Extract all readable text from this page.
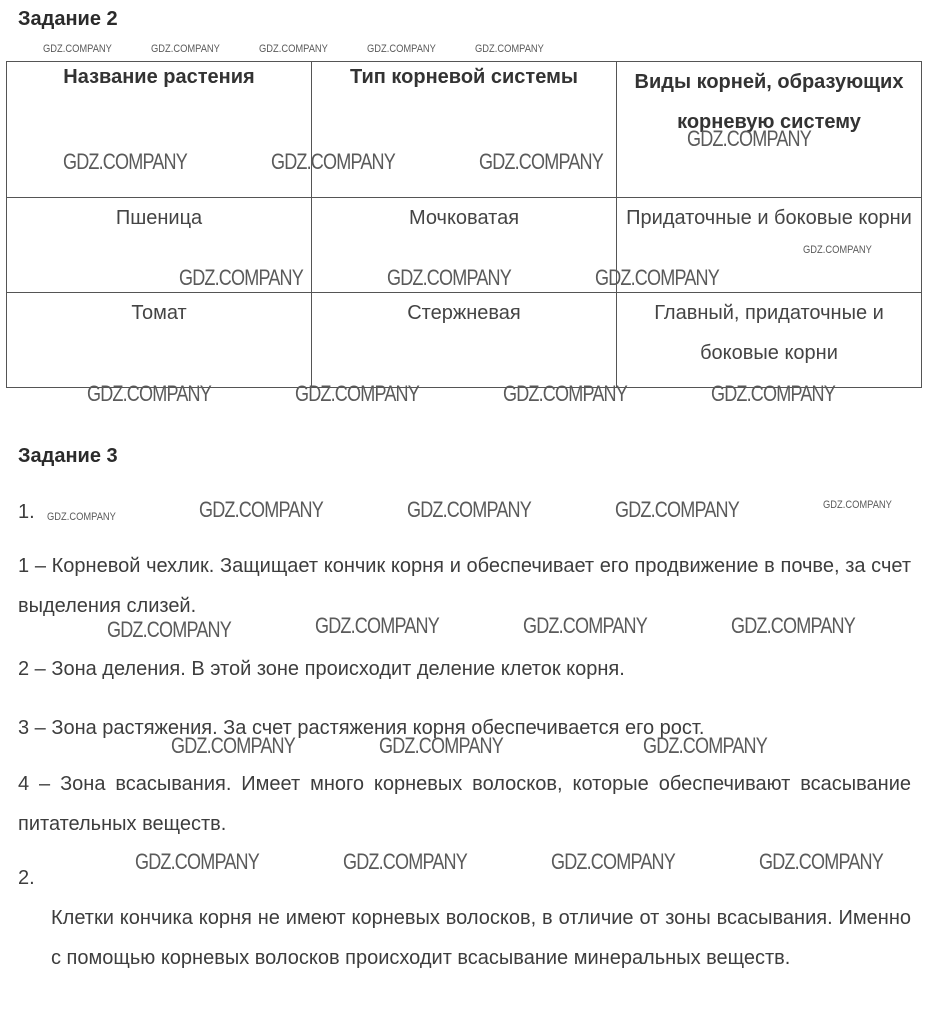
Задание 2
Название растения	Тип корневой системы	Виды корней, образующих корневую систему
Пшеница	Мочковатая	Придаточные и боковые корни
Томат	Стержневая	Главный, придаточные и боковые корни
Задание 3

1.

1 – Корневой чехлик. Защищает кончик корня и обеспечивает его продвижение в почве, за счет выделения слизей.

2 – Зона деления. В этой зоне происходит деление клеток корня.

3 – Зона растяжения. За счет растяжения корня обеспечивается его рост.

4 – Зона всасывания. Имеет много корневых волосков, которые обеспечивают всасывание питательных веществ.

2.

Клетки кончика корня не имеют корневых волосков, в отличие от зоны всасывания. Именно с помощью корневых волосков происходит всасывание минеральных веществ.

GDZ.COMPANY	GDZ.COMPANY	GDZ.COMPANY	GDZ.COMPANY	GDZ.COMPANY
GDZ.COMPANY	GDZ.COMPANY	GDZ.COMPANY
GDZ.COMPANY
GDZ.COMPANY	GDZ.COMPANY	GDZ.COMPANY
GDZ.COMPANY
GDZ.COMPANY	GDZ.COMPANY	GDZ.COMPANY	GDZ.COMPANY
GDZ.COMPANY	GDZ.COMPANY	GDZ.COMPANY	GDZ.COMPANY	GDZ.COMPANY
GDZ.COMPANY	GDZ.COMPANY	GDZ.COMPANY	GDZ.COMPANY
GDZ.COMPANY	GDZ.COMPANY	GDZ.COMPANY
GDZ.COMPANY	GDZ.COMPANY	GDZ.COMPANY	GDZ.COMPANY
